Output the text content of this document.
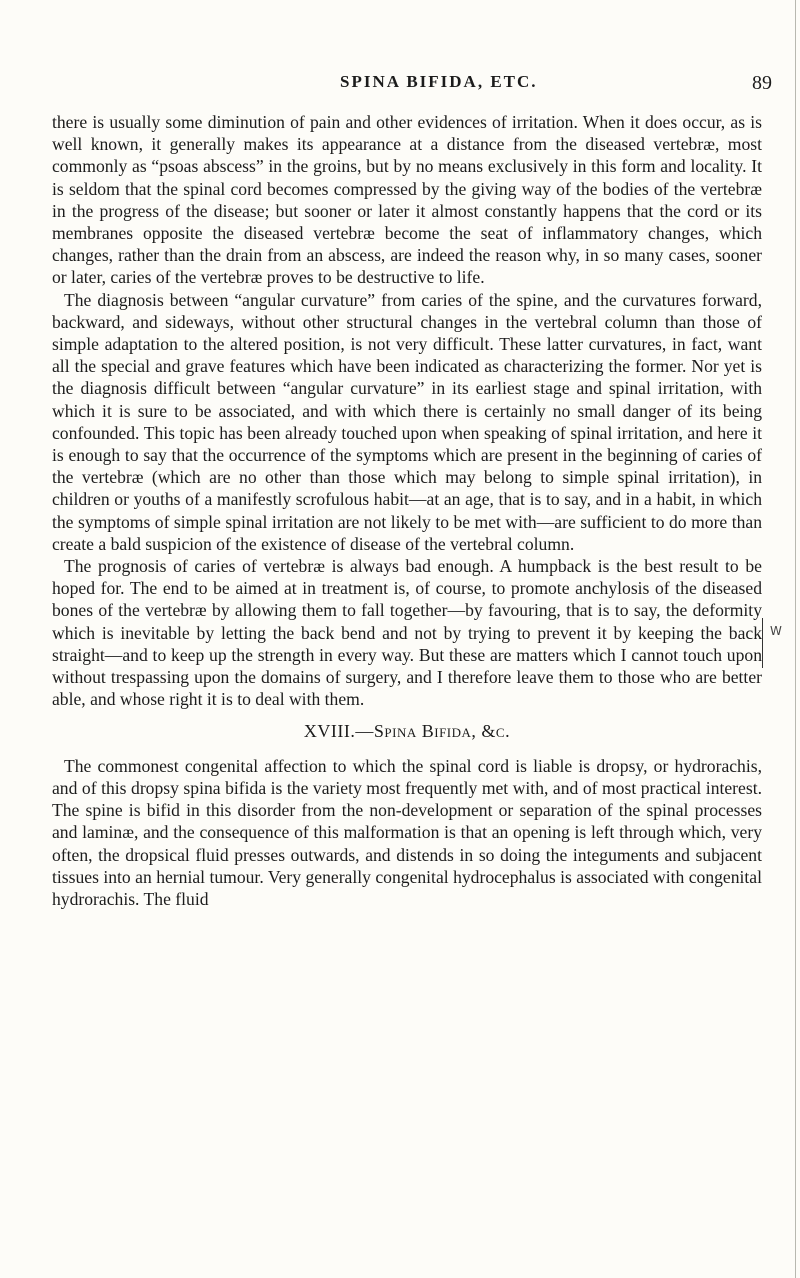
SPINA BIFIDA, ETC.	89

there is usually some diminution of pain and other evidences of irritation. When it does occur, as is well known, it generally makes its appearance at a distance from the diseased vertebræ, most commonly as “psoas abscess” in the groins, but by no means exclusively in this form and locality. It is seldom that the spinal cord becomes compressed by the giving way of the bodies of the vertebræ in the progress of the disease; but sooner or later it almost constantly happens that the cord or its membranes opposite the diseased vertebræ become the seat of inflammatory changes, which changes, rather than the drain from an abscess, are indeed the reason why, in so many cases, sooner or later, caries of the vertebræ proves to be destructive to life.

The diagnosis between “angular curvature” from caries of the spine, and the curvatures forward, backward, and sideways, without other structural changes in the vertebral column than those of simple adaptation to the altered position, is not very difficult. These latter curvatures, in fact, want all the special and grave features which have been indicated as characterizing the former. Nor yet is the diagnosis difficult between “angular curvature” in its earliest stage and spinal irritation, with which it is sure to be associated, and with which there is certainly no small danger of its being confounded. This topic has been already touched upon when speaking of spinal irritation, and here it is enough to say that the occurrence of the symptoms which are present in the beginning of caries of the vertebræ (which are no other than those which may belong to simple spinal irritation), in children or youths of a manifestly scrofulous habit—at an age, that is to say, and in a habit, in which the symptoms of simple spinal irritation are not likely to be met with—are sufficient to do more than create a bald suspicion of the existence of disease of the vertebral column.

The prognosis of caries of vertebræ is always bad enough. A humpback is the best result to be hoped for. The end to be aimed at in treatment is, of course, to promote anchylosis of the diseased bones of the vertebræ by allowing them to fall together—by favouring, that is to say, the deformity which is inevitable by letting the back bend and not by trying to prevent it by keeping the back straight—and to keep up the strength in every way. But these are matters which I cannot touch upon without trespassing upon the domains of surgery, and I therefore leave them to those who are better able, and whose right it is to deal with them.

XVIII.—Spina Bifida, &c.

The commonest congenital affection to which the spinal cord is liable is dropsy, or hydrorachis, and of this dropsy spina bifida is the variety most frequently met with, and of most practical interest. The spine is bifid in this disorder from the non-development or separation of the spinal processes and laminæ, and the consequence of this malformation is that an opening is left through which, very often, the dropsical fluid presses outwards, and distends in so doing the integuments and subjacent tissues into an hernial tumour. Very generally congenital hydrocephalus is associated with congenital hydrorachis. The fluid

W
